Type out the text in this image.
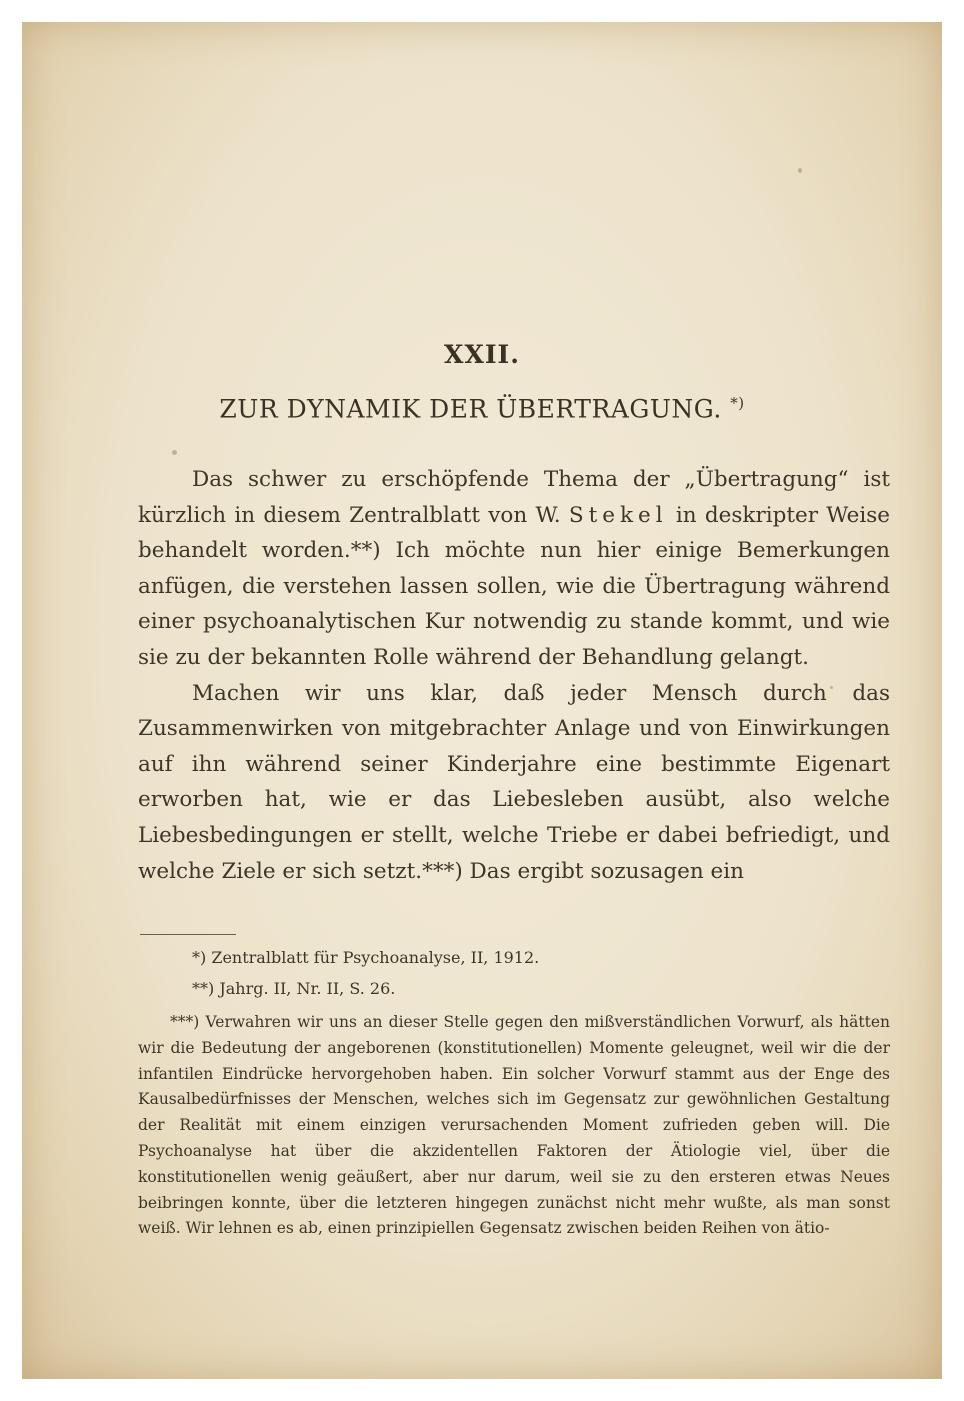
XXII.
ZUR DYNAMIK DER ÜBERTRAGUNG. *)

Das schwer zu erschöpfende Thema der „Übertragung“ ist kürzlich in diesem Zentralblatt von W. Stekel in deskripter Weise behandelt worden.**) Ich möchte nun hier einige Bemerkungen anfügen, die verstehen lassen sollen, wie die Übertragung während einer psychoanalytischen Kur notwendig zu stande kommt, und wie sie zu der bekannten Rolle während der Behandlung gelangt.

Machen wir uns klar, daß jeder Mensch durch das Zusammenwirken von mitgebrachter Anlage und von Einwirkungen auf ihn während seiner Kinderjahre eine bestimmte Eigenart erworben hat, wie er das Liebesleben ausübt, also welche Liebesbedingungen er stellt, welche Triebe er dabei befriedigt, und welche Ziele er sich setzt.***) Das ergibt sozusagen ein

*) Zentralblatt für Psychoanalyse, II, 1912.

**) Jahrg. II, Nr. II, S. 26.

***) Verwahren wir uns an dieser Stelle gegen den mißverständlichen Vorwurf, als hätten wir die Bedeutung der angeborenen (konstitutionellen) Momente geleugnet, weil wir die der infantilen Eindrücke hervorgehoben haben. Ein solcher Vorwurf stammt aus der Enge des Kausalbedürfnisses der Menschen, welches sich im Gegensatz zur gewöhnlichen Gestaltung der Realität mit einem einzigen verursachenden Moment zufrieden geben will. Die Psychoanalyse hat über die akzidentellen Faktoren der Ätiologie viel, über die konstitutionellen wenig geäußert, aber nur darum, weil sie zu den ersteren etwas Neues beibringen konnte, über die letzteren hingegen zunächst nicht mehr wußte, als man sonst weiß. Wir lehnen es ab, einen prinzipiellen Gegensatz zwischen beiden Reihen von ätio-
